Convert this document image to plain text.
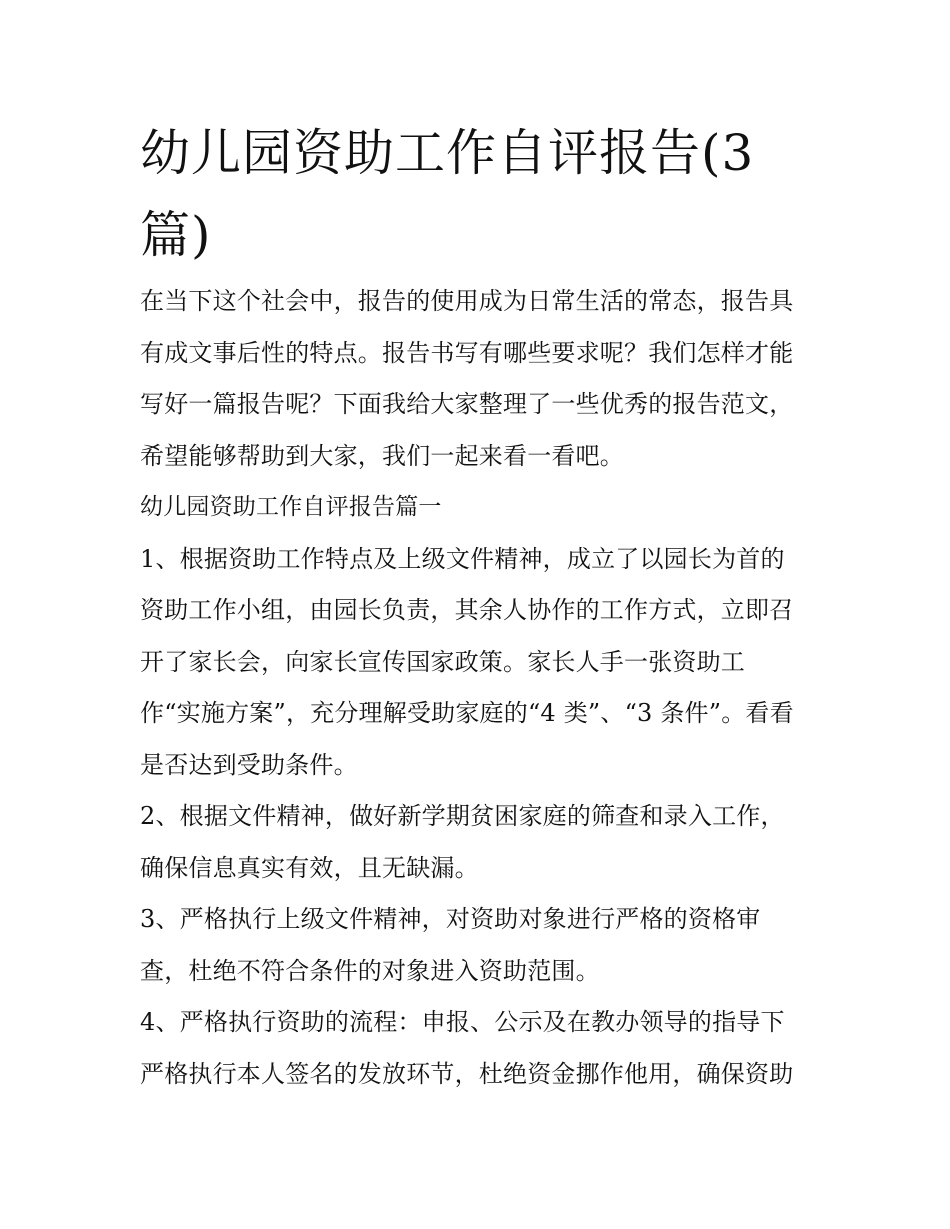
幼儿园资助工作自评报告(3
篇)

在当下这个社会中，报告的使用成为日常生活的常态，报告具

有成文事后性的特点。报告书写有哪些要求呢？我们怎样才能

写好一篇报告呢？下面我给大家整理了一些优秀的报告范文，

希望能够帮助到大家，我们一起来看一看吧。

幼儿园资助工作自评报告篇一

1、根据资助工作特点及上级文件精神，成立了以园长为首的

资助工作小组，由园长负责，其余人协作的工作方式，立即召

开了家长会，向家长宣传国家政策。家长人手一张资助工

作“实施方案”，充分理解受助家庭的“4 类”、“3 条件”。看看

是否达到受助条件。

2、根据文件精神，做好新学期贫困家庭的筛查和录入工作，

确保信息真实有效，且无缺漏。

3、严格执行上级文件精神，对资助对象进行严格的资格审

查，杜绝不符合条件的对象进入资助范围。

4、严格执行资助的流程：申报、公示及在教办领导的指导下

严格执行本人签名的发放环节，杜绝资金挪作他用，确保资助
